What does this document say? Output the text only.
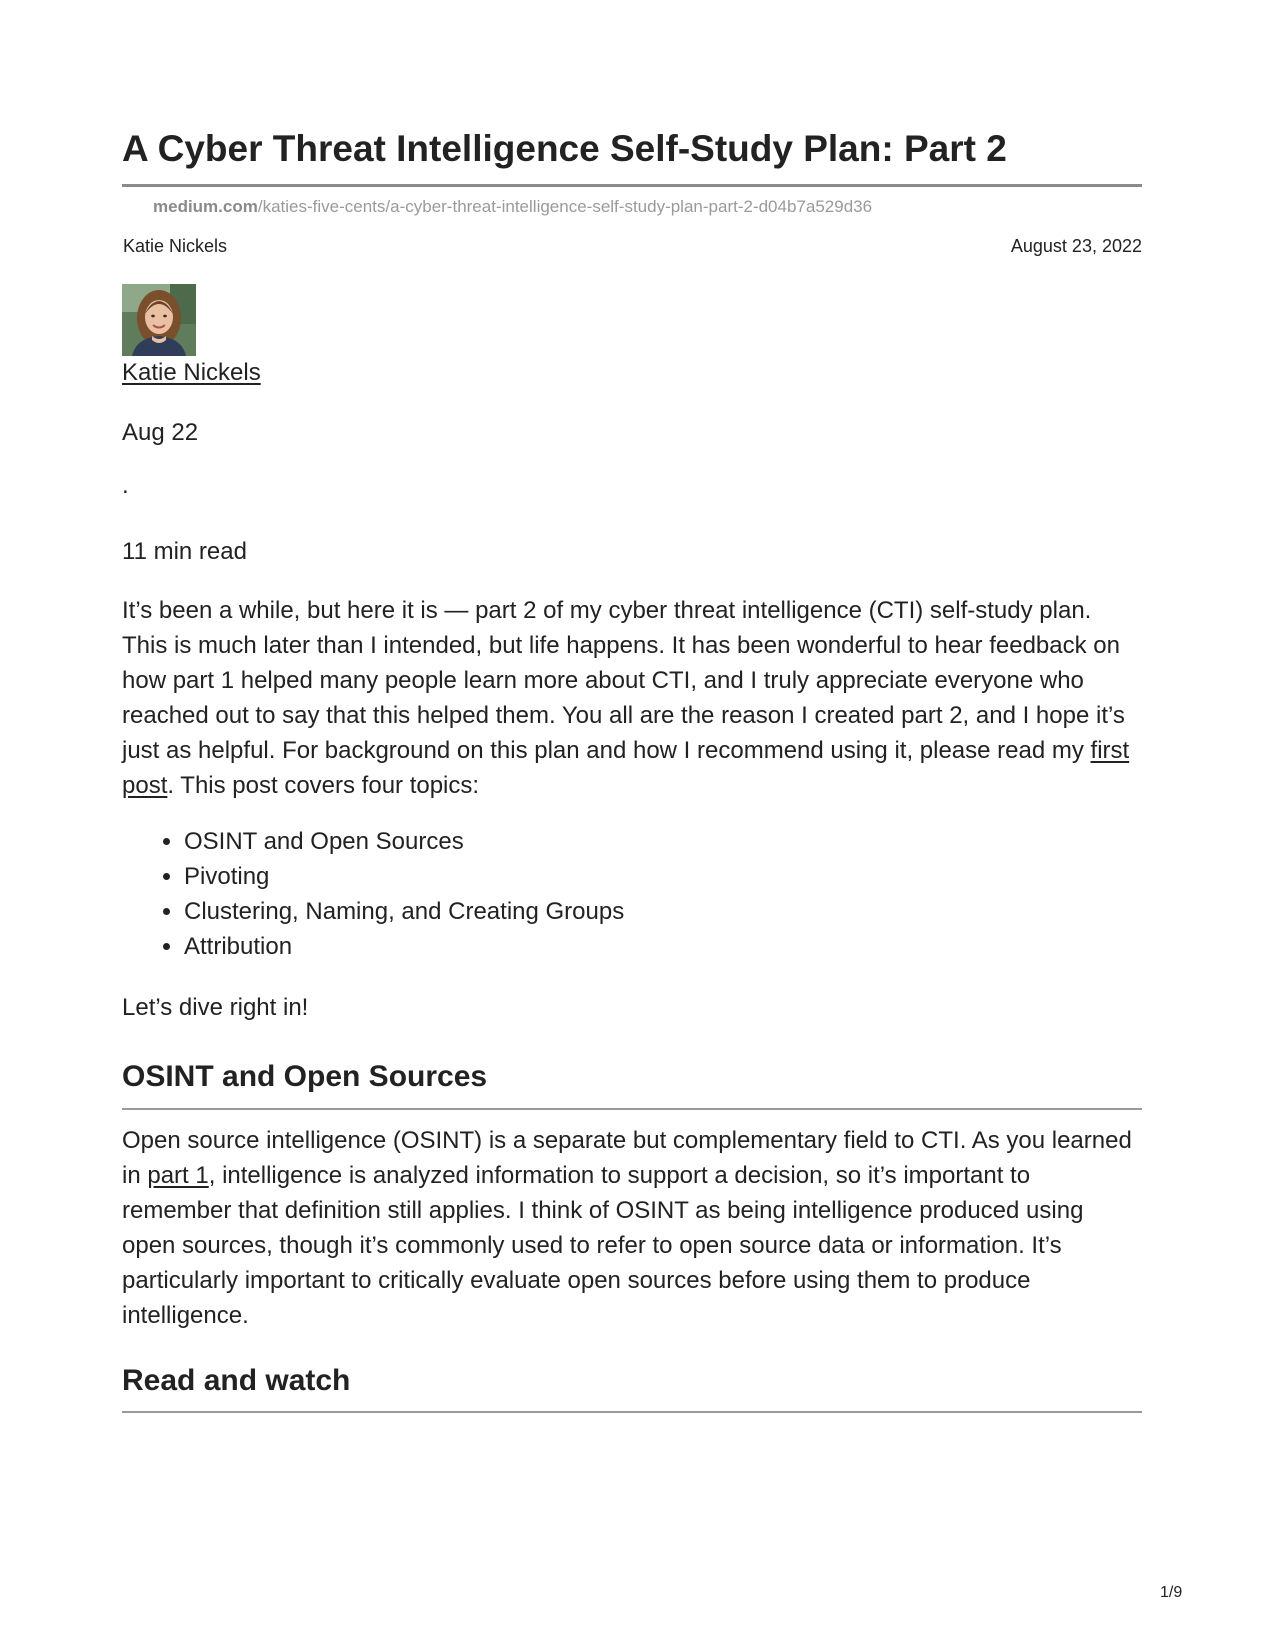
A Cyber Threat Intelligence Self-Study Plan: Part 2
medium.com/katies-five-cents/a-cyber-threat-intelligence-self-study-plan-part-2-d04b7a529d36
Katie Nickels	August 23, 2022
Katie Nickels
Aug 22
.
11 min read

It’s been a while, but here it is — part 2 of my cyber threat intelligence (CTI) self-study plan. This is much later than I intended, but life happens. It has been wonderful to hear feedback on how part 1 helped many people learn more about CTI, and I truly appreciate everyone who reached out to say that this helped them. You all are the reason I created part 2, and I hope it’s just as helpful. For background on this plan and how I recommend using it, please read my first post. This post covers four topics:

• OSINT and Open Sources
• Pivoting
• Clustering, Naming, and Creating Groups
• Attribution

Let’s dive right in!

OSINT and Open Sources

Open source intelligence (OSINT) is a separate but complementary field to CTI. As you learned in part 1, intelligence is analyzed information to support a decision, so it’s important to remember that definition still applies. I think of OSINT as being intelligence produced using open sources, though it’s commonly used to refer to open source data or information. It’s particularly important to critically evaluate open sources before using them to produce intelligence.

Read and watch
1/9
